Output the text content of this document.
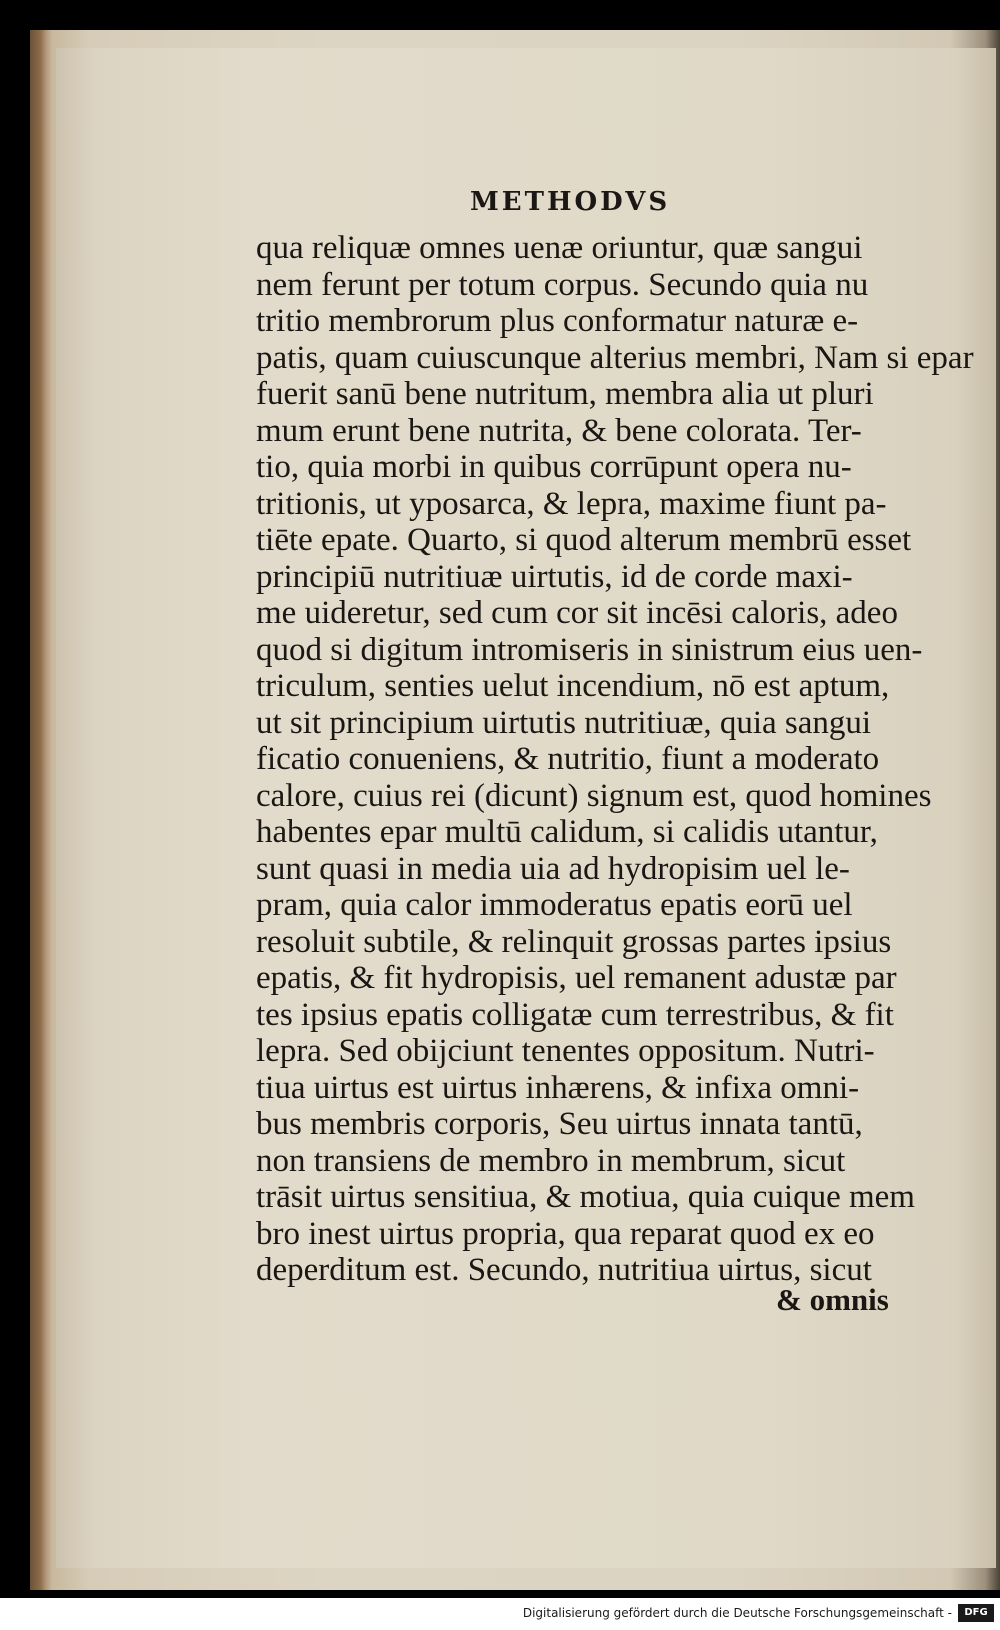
METHODVS
qua reliquæ omnes uenæ oriuntur, quæ sangui
nem ferunt per totum corpus. Secundo quia nu
tritio membrorum plus conformatur naturæ e-
patis, quam cuiuscunque alterius membri, Nam si epar
fuerit sanū bene nutritum, membra alia ut pluri
mum erunt bene nutrita, & bene colorata. Ter-
tio, quia morbi in quibus corrūpunt opera nu-
tritionis, ut yposarca, & lepra, maxime fiunt pa-
tiēte epate. Quarto, si quod alterum membrū esset
principiū nutritiuæ uirtutis, id de corde maxi-
me uideretur, sed cum cor sit incēsi caloris, adeo
quod si digitum intromiseris in sinistrum eius uen-
triculum, senties uelut incendium, nō est aptum,
ut sit principium uirtutis nutritiuæ, quia sangui
ficatio conueniens, & nutritio, fiunt a moderato
calore, cuius rei (dicunt) signum est, quod homines
habentes epar multū calidum, si calidis utantur,
sunt quasi in media uia ad hydropisim uel le-
pram, quia calor immoderatus epatis eorū uel
resoluit subtile, & relinquit grossas partes ipsius
epatis, & fit hydropisis, uel remanent adustæ par
tes ipsius epatis colligatæ cum terrestribus, & fit
lepra. Sed obijciunt tenentes oppositum. Nutri-
tiua uirtus est uirtus inhærens, & infixa omni-
bus membris corporis, Seu uirtus innata tantū,
non transiens de membro in membrum, sicut
trāsit uirtus sensitiua, & motiua, quia cuique mem
bro inest uirtus propria, qua reparat quod ex eo
deperditum est. Secundo, nutritiua uirtus, sicut
& omnis
Digitalisierung gefördert durch die Deutsche Forschungsgemeinschaft -	DFG
